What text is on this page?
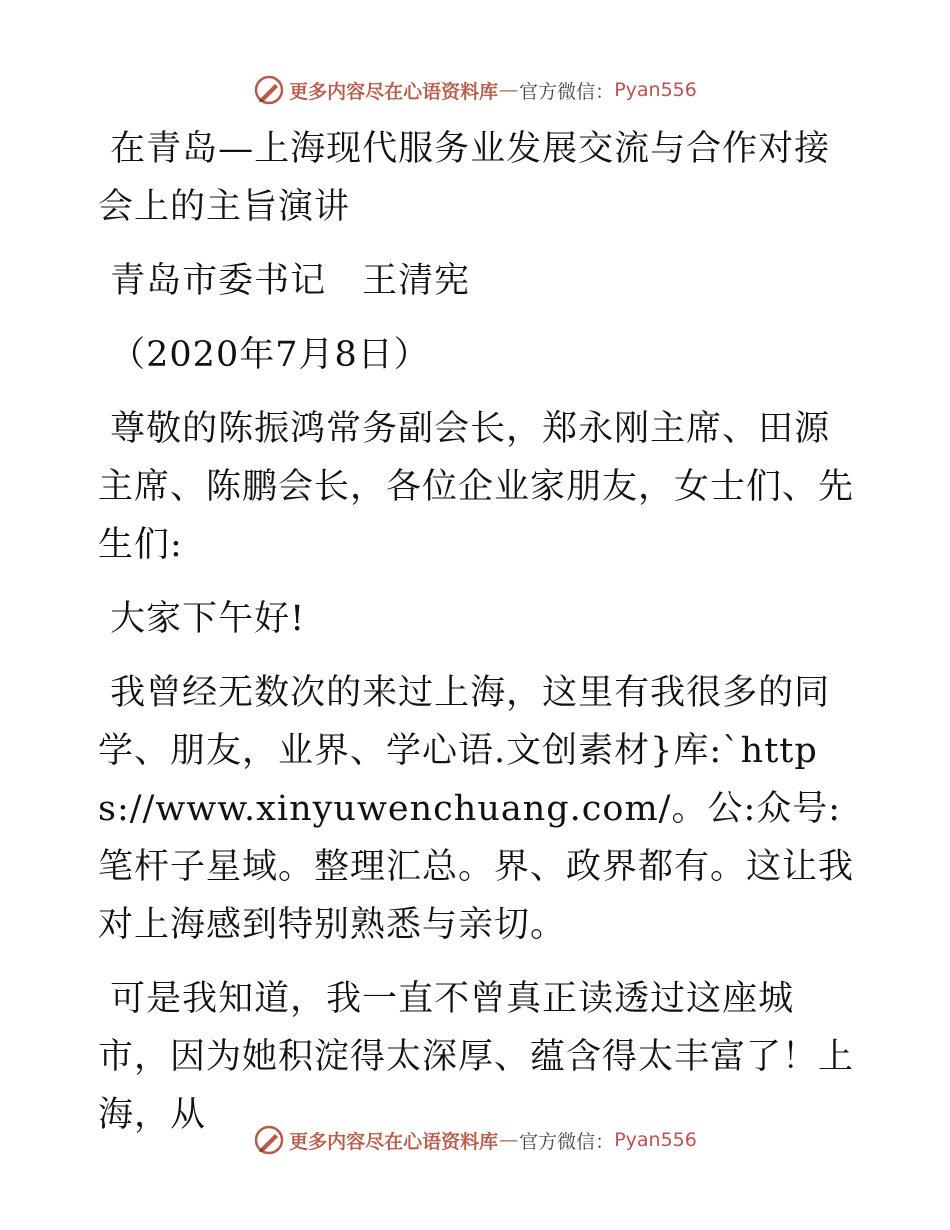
更多内容尽在心语资料库 — 官方微信： Pyan556

在青岛—上海现代服务业发展交流与合作对接会上的主旨演讲

青岛市委书记　王清宪

（2020年7月8日）

尊敬的陈振鸿常务副会长，郑永刚主席、田源主席、陈鹏会长，各位企业家朋友，女士们、先生们:

大家下午好!

我曾经无数次的来过上海，这里有我很多的同学、朋友，业界、学心语.文创素材}库:`https://www.xinyuwenchuang.com/。公:众号:笔杆子星域。整理汇总。界、政界都有。这让我对上海感到特别熟悉与亲切。

可是我知道，我一直不曾真正读透过这座城市，因为她积淀得太深厚、蕴含得太丰富了！上海，从

更多内容尽在心语资料库 — 官方微信： Pyan556
